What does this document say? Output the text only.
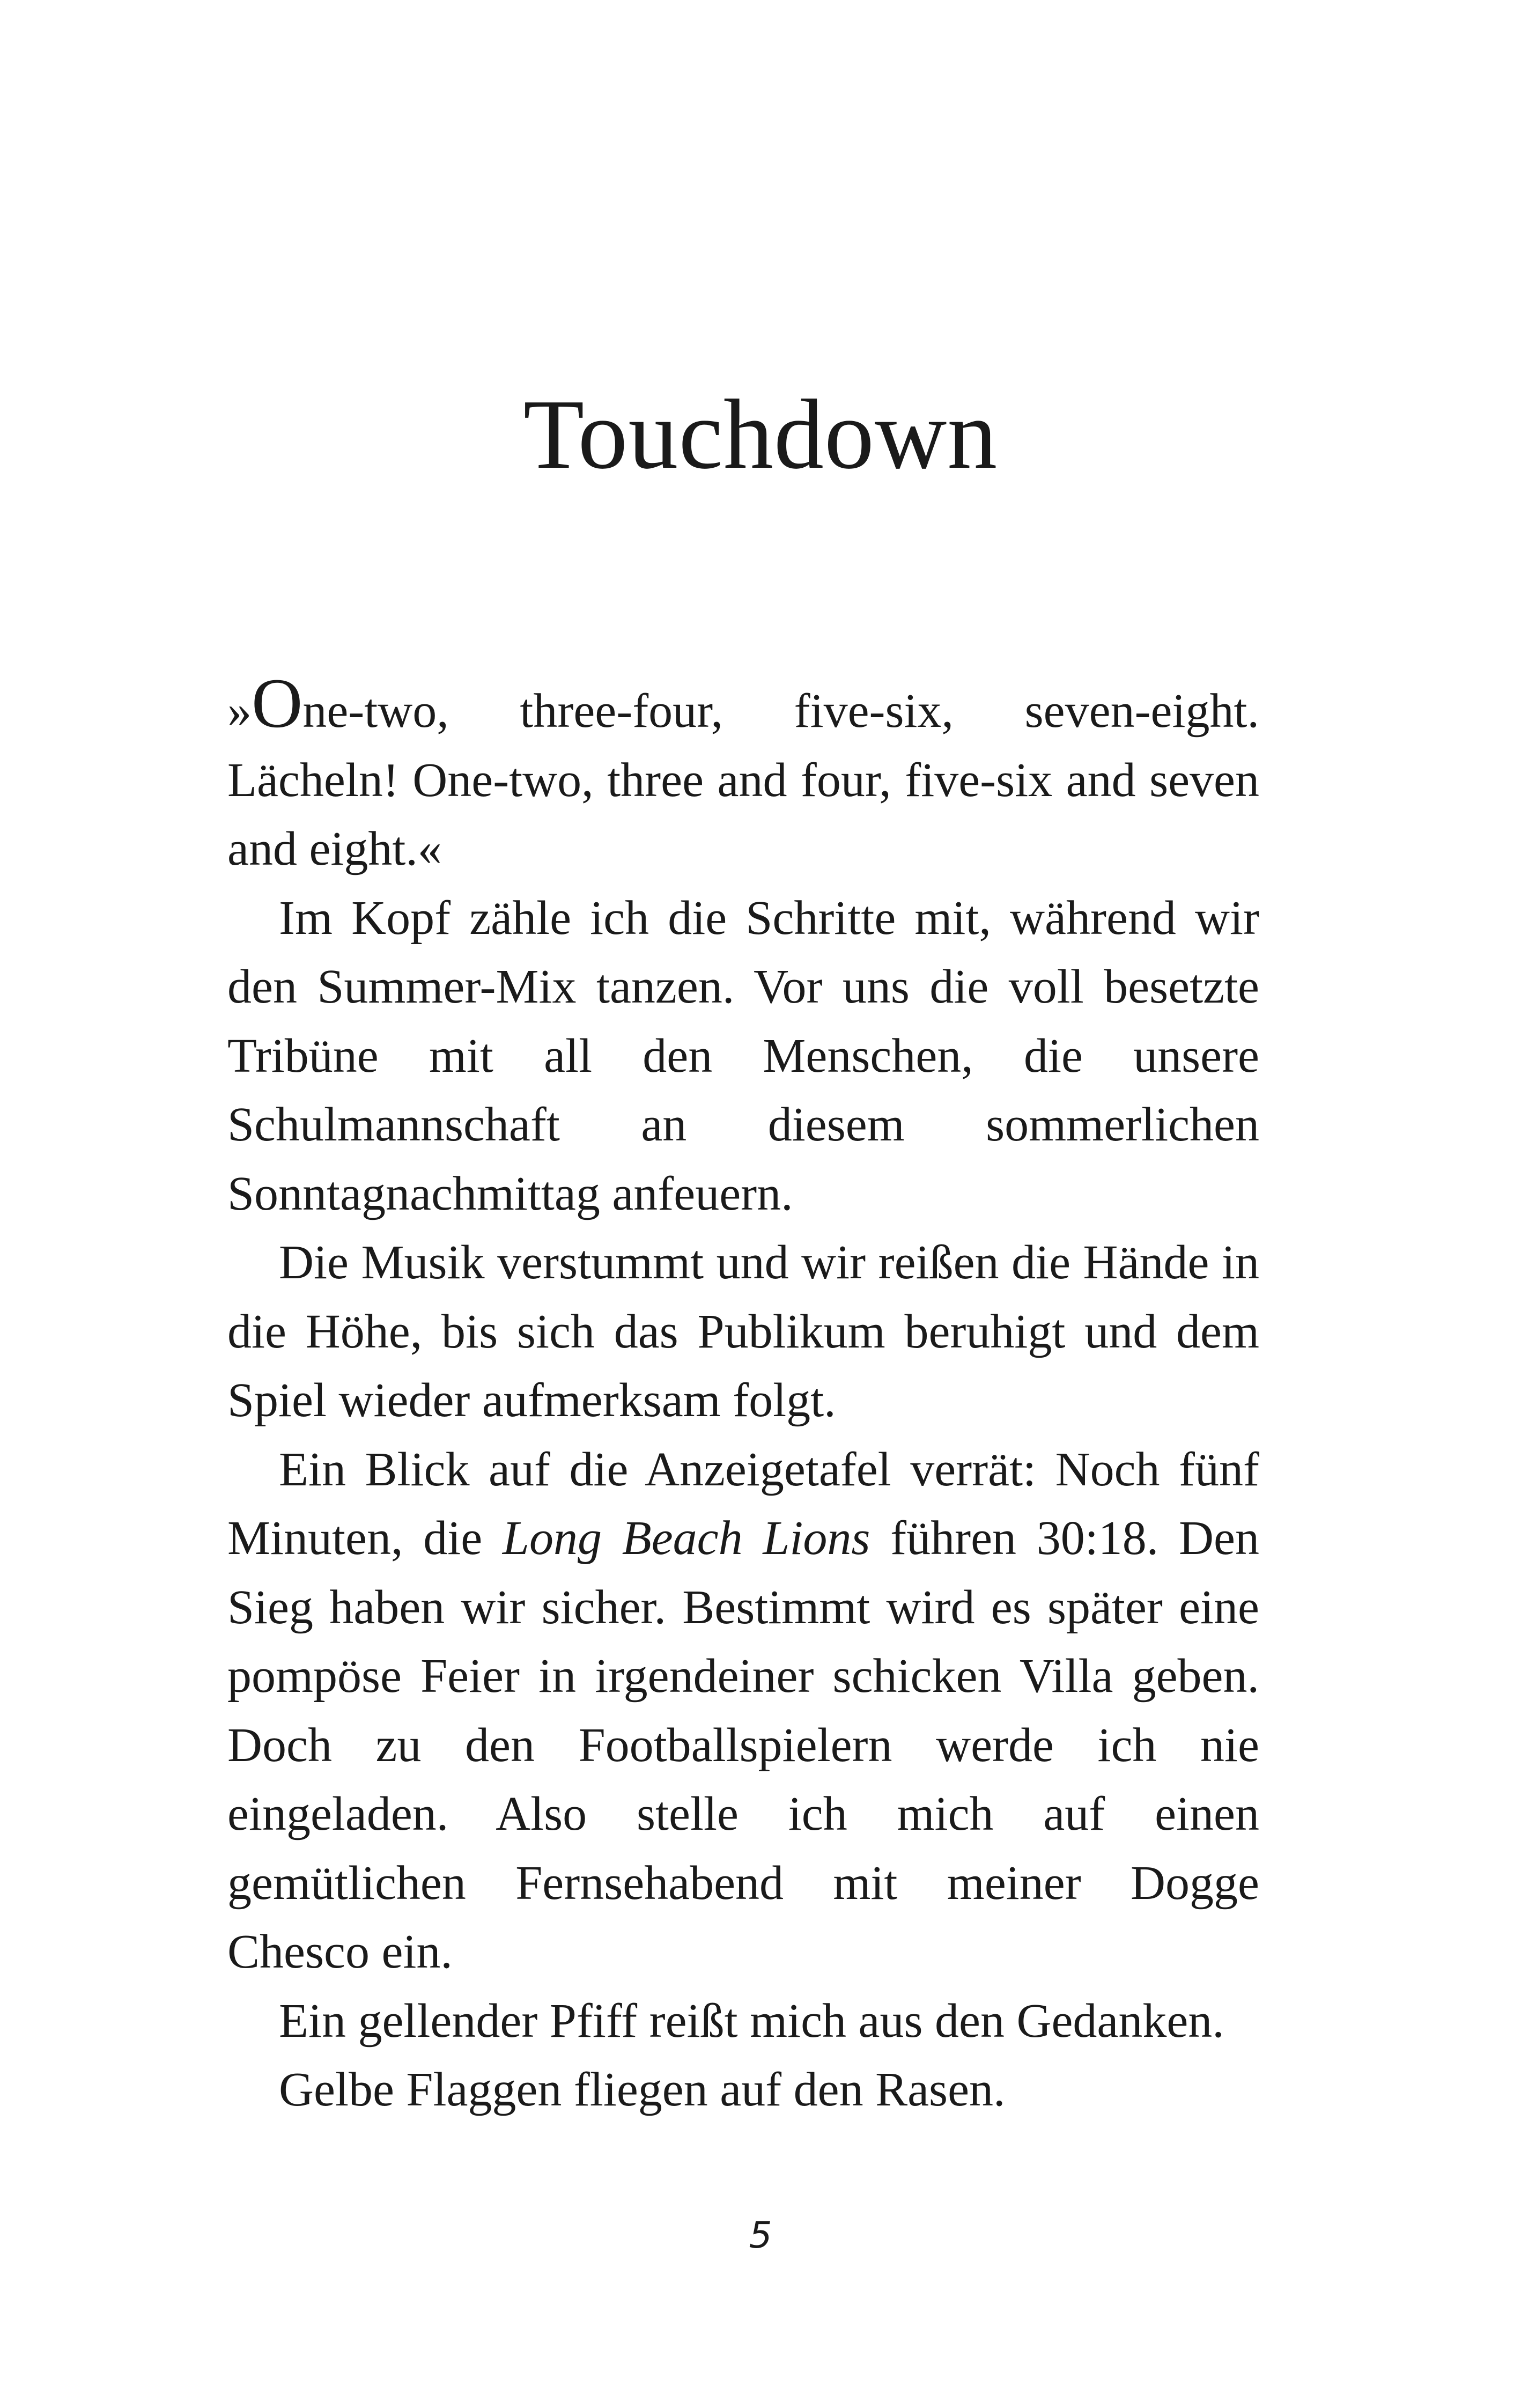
Touchdown

»One-two, three-four, five-six, seven-eight. Lächeln! One-two, three and four, five-six and seven and eight.«

Im Kopf zähle ich die Schritte mit, während wir den Summer-Mix tanzen. Vor uns die voll besetzte Tribüne mit all den Menschen, die unsere Schulmannschaft an diesem sommerlichen Sonntagnachmittag anfeuern.

Die Musik verstummt und wir reißen die Hände in die Höhe, bis sich das Publikum beruhigt und dem Spiel wieder aufmerksam folgt.

Ein Blick auf die Anzeigetafel verrät: Noch fünf Minuten, die Long Beach Lions führen 30:18. Den Sieg haben wir sicher. Bestimmt wird es später eine pompöse Feier in irgendeiner schicken Villa geben. Doch zu den Footballspielern werde ich nie eingeladen. Also stelle ich mich auf einen gemütlichen Fernsehabend mit meiner Dogge Chesco ein.

Ein gellender Pfiff reißt mich aus den Gedanken.

Gelbe Flaggen fliegen auf den Rasen.

5
